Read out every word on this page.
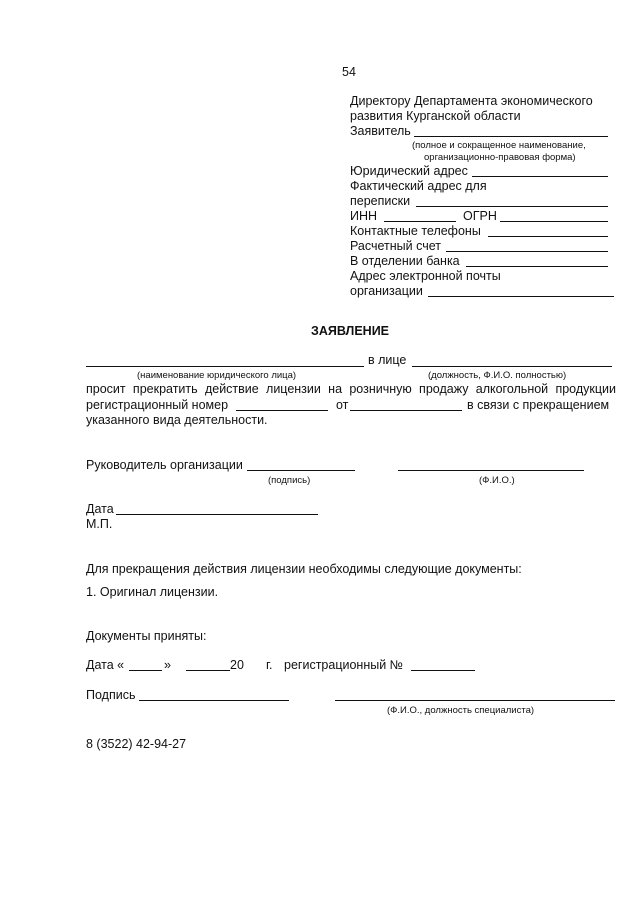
54
Директору Департамента экономического
развития Курганской области
Заявитель
(полное и сокращенное наименование,
организационно-правовая форма)
Юридический адрес
Фактический адрес для
переписки
ИНН	ОГРН
Контактные телефоны
Расчетный счет
В отделении банка
Адрес электронной почты
организации
ЗАЯВЛЕНИЕ
в лице
(наименование юридического лица)	(должность, Ф.И.О. полностью)
просит прекратить действие лицензии на розничную продажу алкогольной продукции
регистрационный номер	от	в связи с прекращением
указанного вида деятельности.
Руководитель организации
(подпись)	(Ф.И.О.)
Дата
М.П.
Для прекращения действия лицензии необходимы следующие документы:
1. Оригинал лицензии.
Документы приняты:
Дата «	»	20 г. регистрационный №
Подпись
(Ф.И.О., должность специалиста)
8 (3522) 42-94-27
